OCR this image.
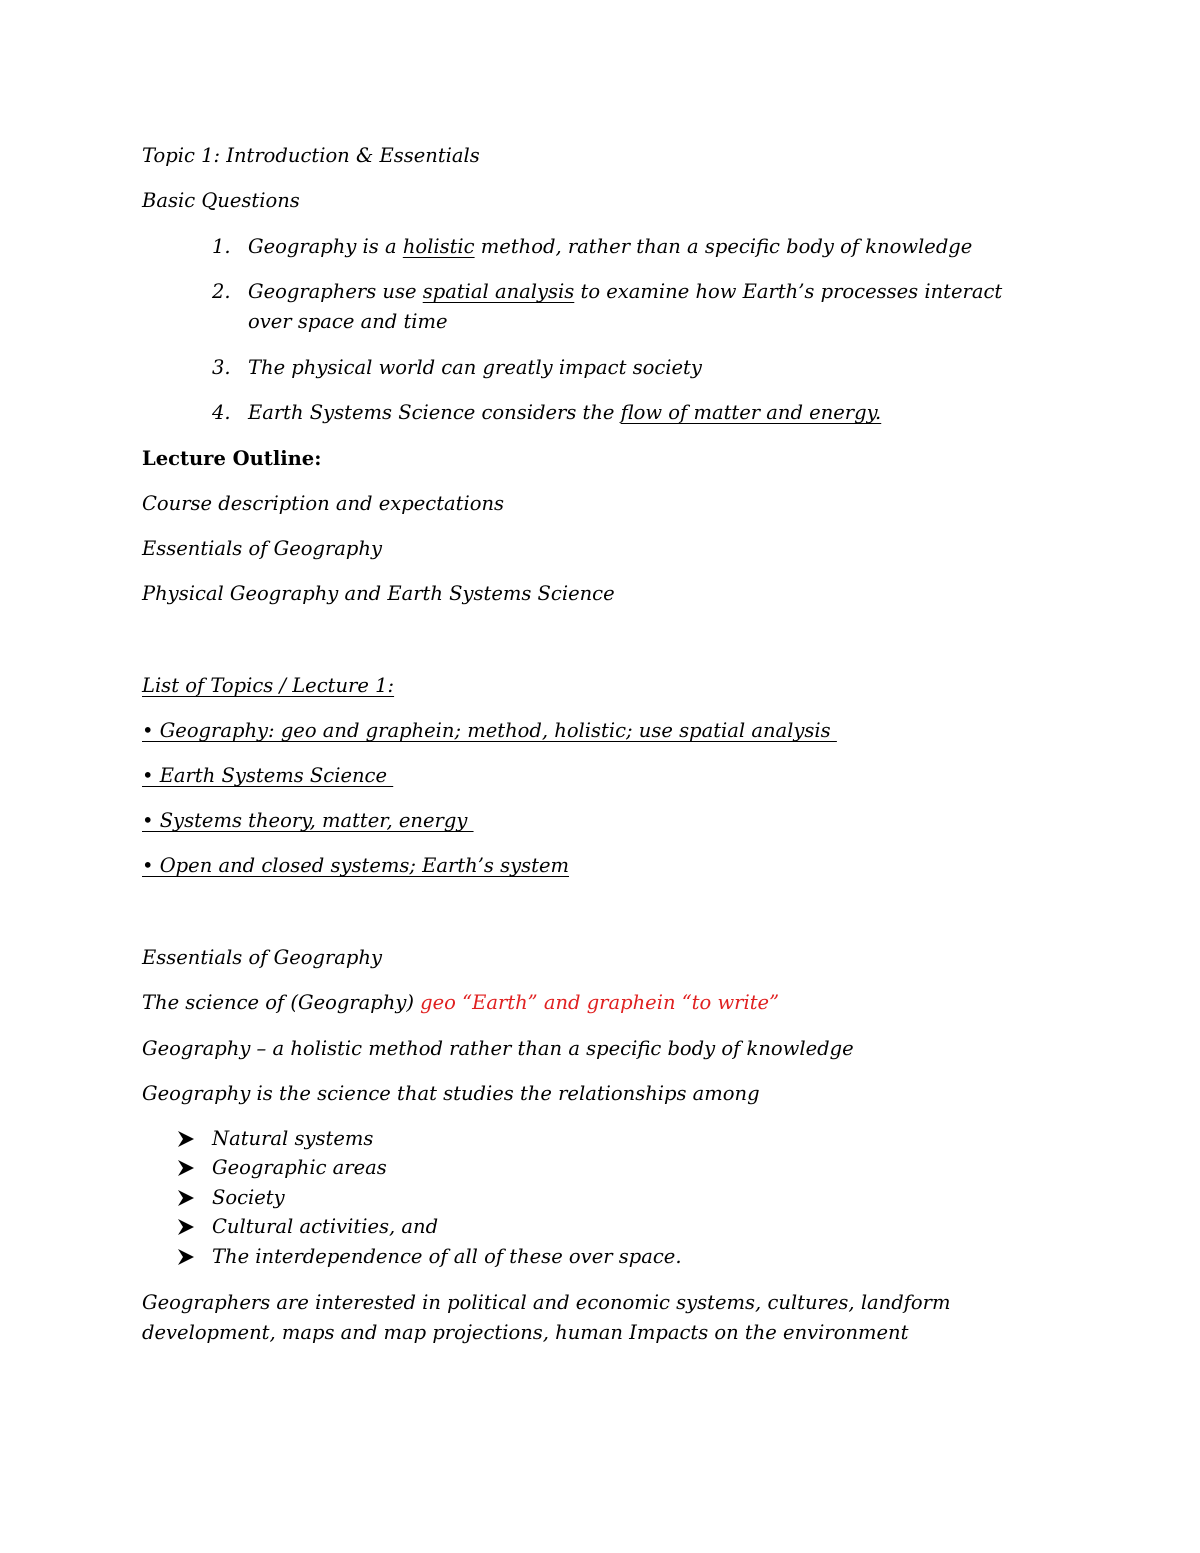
Topic 1: Introduction & Essentials
Basic Questions
1. Geography is a holistic method, rather than a specific body of knowledge
2. Geographers use spatial analysis to examine how Earth’s processes interact over space and time
3. The physical world can greatly impact society
4. Earth Systems Science considers the flow of matter and energy.
Lecture Outline:
Course description and expectations
Essentials of Geography
Physical Geography and Earth Systems Science
List of Topics / Lecture 1:
• Geography: geo and graphein; method, holistic; use spatial analysis
• Earth Systems Science
• Systems theory, matter, energy
• Open and closed systems; Earth’s system
Essentials of Geography
The science of (Geography) geo “Earth” and graphein “to write”
Geography – a holistic method rather than a specific body of knowledge
Geography is the science that studies the relationships among
Natural systems
Geographic areas
Society
Cultural activities, and
The interdependence of all of these over space.
Geographers are interested in political and economic systems, cultures, landform development, maps and map projections, human Impacts on the environment
